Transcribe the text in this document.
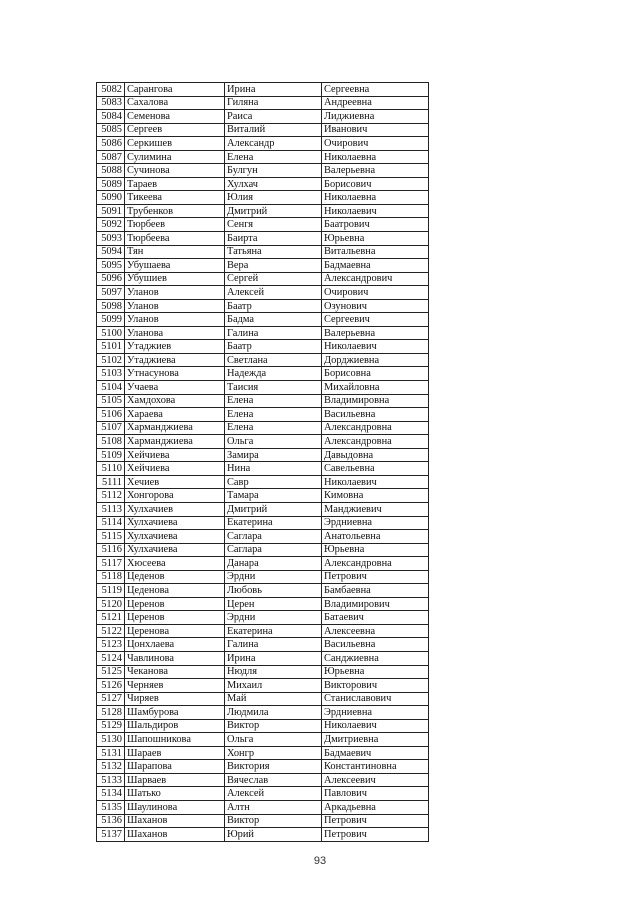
5082	Сарангова	Ирина	Сергеевна
5083	Сахалова	Гиляна	Андреевна
5084	Семенова	Раиса	Лиджиевна
5085	Сергеев	Виталий	Иванович
5086	Серкишев	Александр	Очирович
5087	Сулимина	Елена	Николаевна
5088	Сучинова	Булгун	Валерьевна
5089	Тараев	Хулхач	Борисович
5090	Тикеева	Юлия	Николаевна
5091	Трубенков	Дмитрий	Николаевич
5092	Тюрбеев	Сенгя	Баатрович
5093	Тюрбеева	Баирта	Юрьевна
5094	Тян	Татьяна	Витальевна
5095	Убушаева	Вера	Бадмаевна
5096	Убушиев	Сергей	Александрович
5097	Уланов	Алексей	Очирович
5098	Уланов	Баатр	Озунович
5099	Уланов	Бадма	Сергеевич
5100	Уланова	Галина	Валерьевна
5101	Утаджиев	Баатр	Николаевич
5102	Утаджиева	Светлана	Дорджиевна
5103	Утнасунова	Надежда	Борисовна
5104	Учаева	Таисия	Михайловна
5105	Хамдохова	Елена	Владимировна
5106	Хараева	Елена	Васильевна
5107	Харманджиева	Елена	Александровна
5108	Харманджиева	Ольга	Александровна
5109	Хейчиева	Замира	Давыдовна
5110	Хейчиева	Нина	Савельевна
5111	Хечиев	Савр	Николаевич
5112	Хонгорова	Тамара	Кимовна
5113	Хулхачиев	Дмитрий	Манджиевич
5114	Хулхачиева	Екатерина	Эрдниевна
5115	Хулхачиева	Саглара	Анатольевна
5116	Хулхачиева	Саглара	Юрьевна
5117	Хюсеева	Данара	Александровна
5118	Цеденов	Эрдни	Петрович
5119	Цеденова	Любовь	Бамбаевна
5120	Церенов	Церен	Владимирович
5121	Церенов	Эрдни	Батаевич
5122	Церенова	Екатерина	Алексеевна
5123	Цонхлаева	Галина	Васильевна
5124	Чавлинова	Ирина	Санджиевна
5125	Чеканова	Нюдля	Юрьевна
5126	Черняев	Михаил	Викторович
5127	Чиряев	Май	Станиславович
5128	Шамбурова	Людмила	Эрдниевна
5129	Шальдиров	Виктор	Николаевич
5130	Шапошникова	Ольга	Дмитриевна
5131	Шараев	Хонгр	Бадмаевич
5132	Шарапова	Виктория	Константиновна
5133	Шарваев	Вячеслав	Алексеевич
5134	Шатько	Алексей	Павлович
5135	Шаулинова	Алтн	Аркадьевна
5136	Шаханов	Виктор	Петрович
5137	Шаханов	Юрий	Петрович
93
